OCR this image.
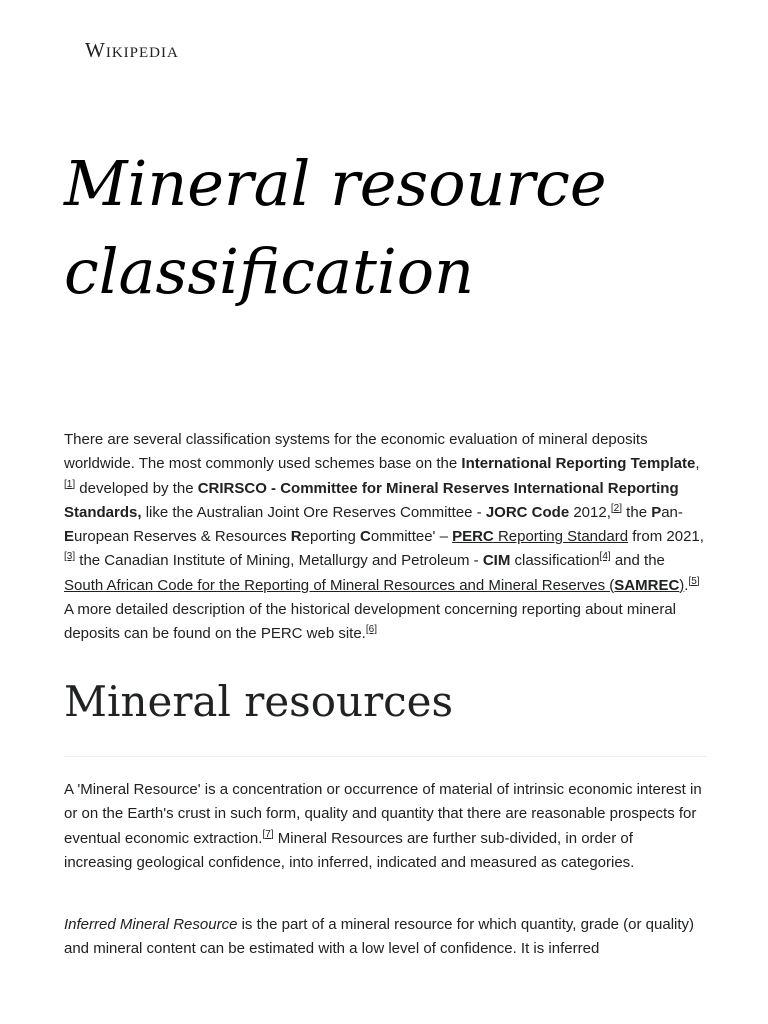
Wikipedia
Mineral resource classification

There are several classification systems for the economic evaluation of mineral deposits worldwide. The most commonly used schemes base on the International Reporting Template,[1] developed by the CRIRSCO - Committee for Mineral Reserves International Reporting Standards, like the Australian Joint Ore Reserves Committee - JORC Code 2012,[2] the Pan-European Reserves & Resources Reporting Committee' – PERC Reporting Standard from 2021,[3] the Canadian Institute of Mining, Metallurgy and Petroleum - CIM classification[4] and the South African Code for the Reporting of Mineral Resources and Mineral Reserves (SAMREC).[5] A more detailed description of the historical development concerning reporting about mineral deposits can be found on the PERC web site.[6]

Mineral resources

A 'Mineral Resource' is a concentration or occurrence of material of intrinsic economic interest in or on the Earth's crust in such form, quality and quantity that there are reasonable prospects for eventual economic extraction.[7] Mineral Resources are further sub-divided, in order of increasing geological confidence, into inferred, indicated and measured as categories.

Inferred Mineral Resource is the part of a mineral resource for which quantity, grade (or quality) and mineral content can be estimated with a low level of confidence. It is inferred
